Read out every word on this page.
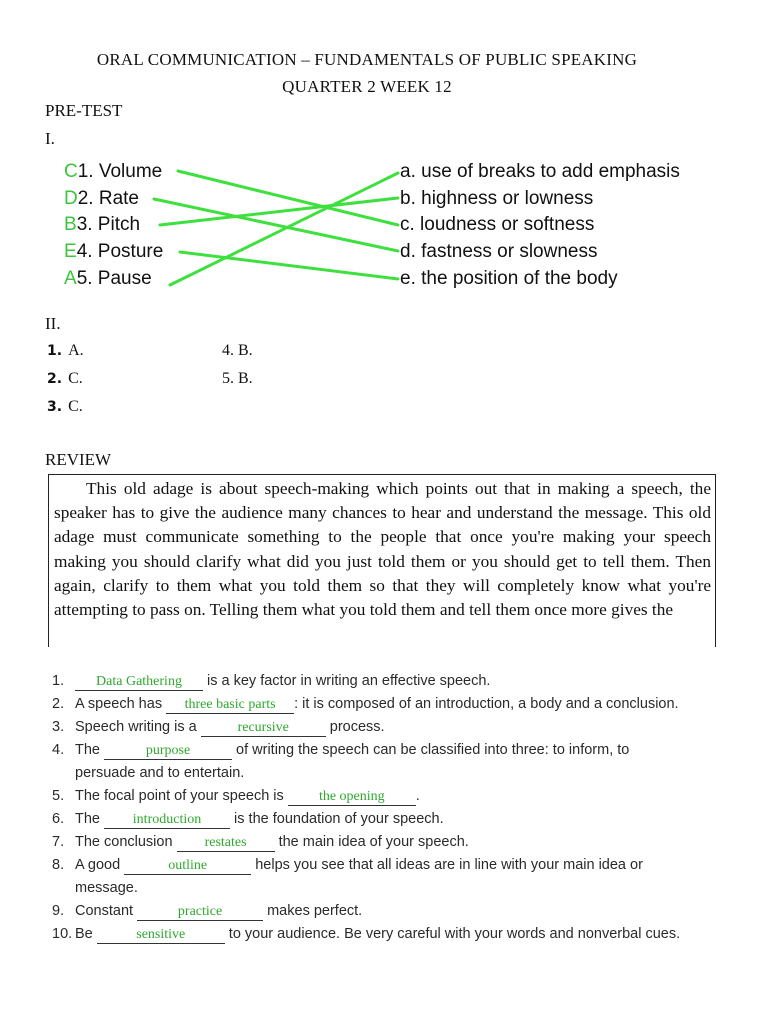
ORAL COMMUNICATION – FUNDAMENTALS OF PUBLIC SPEAKING
QUARTER 2 WEEK 12
PRE-TEST
I.
C1. Volume
D2. Rate
B3. Pitch
E4. Posture
A5. Pause
a. use of breaks to add emphasis
b. highness or lowness
c. loudness or softness
d. fastness or slowness
e. the position of the body
II.
1. A.
2. C.
3. C.
4. B.
5. B.
REVIEW

This old adage is about speech-making which points out that in making a speech, the speaker has to give the audience many chances to hear and understand the message. This old adage must communicate something to the people that once you're making your speech making you should clarify what did you just told them or you should get to tell them. Then again, clarify to them what you told them so that they will completely know what you're attempting to pass on. Telling them what you told them and tell them once more gives the

1. Data Gathering is a key factor in writing an effective speech.
2. A speech has three basic parts : it is composed of an introduction, a body and a conclusion.
3. Speech writing is a	recursive	process.
4. The	purpose	of writing the speech can be classified into three: to inform, to
persuade and to entertain.
5. The focal point of your speech is the opening .
6. The introduction is the foundation of your speech.
7. The conclusion restates the main idea of your speech.
8. A good	outline	helps you see that all ideas are in line with your main idea or
message.
9. Constant	practice	makes perfect.
10. Be	sensitive	to your audience. Be very careful with your words and nonverbal cues.
